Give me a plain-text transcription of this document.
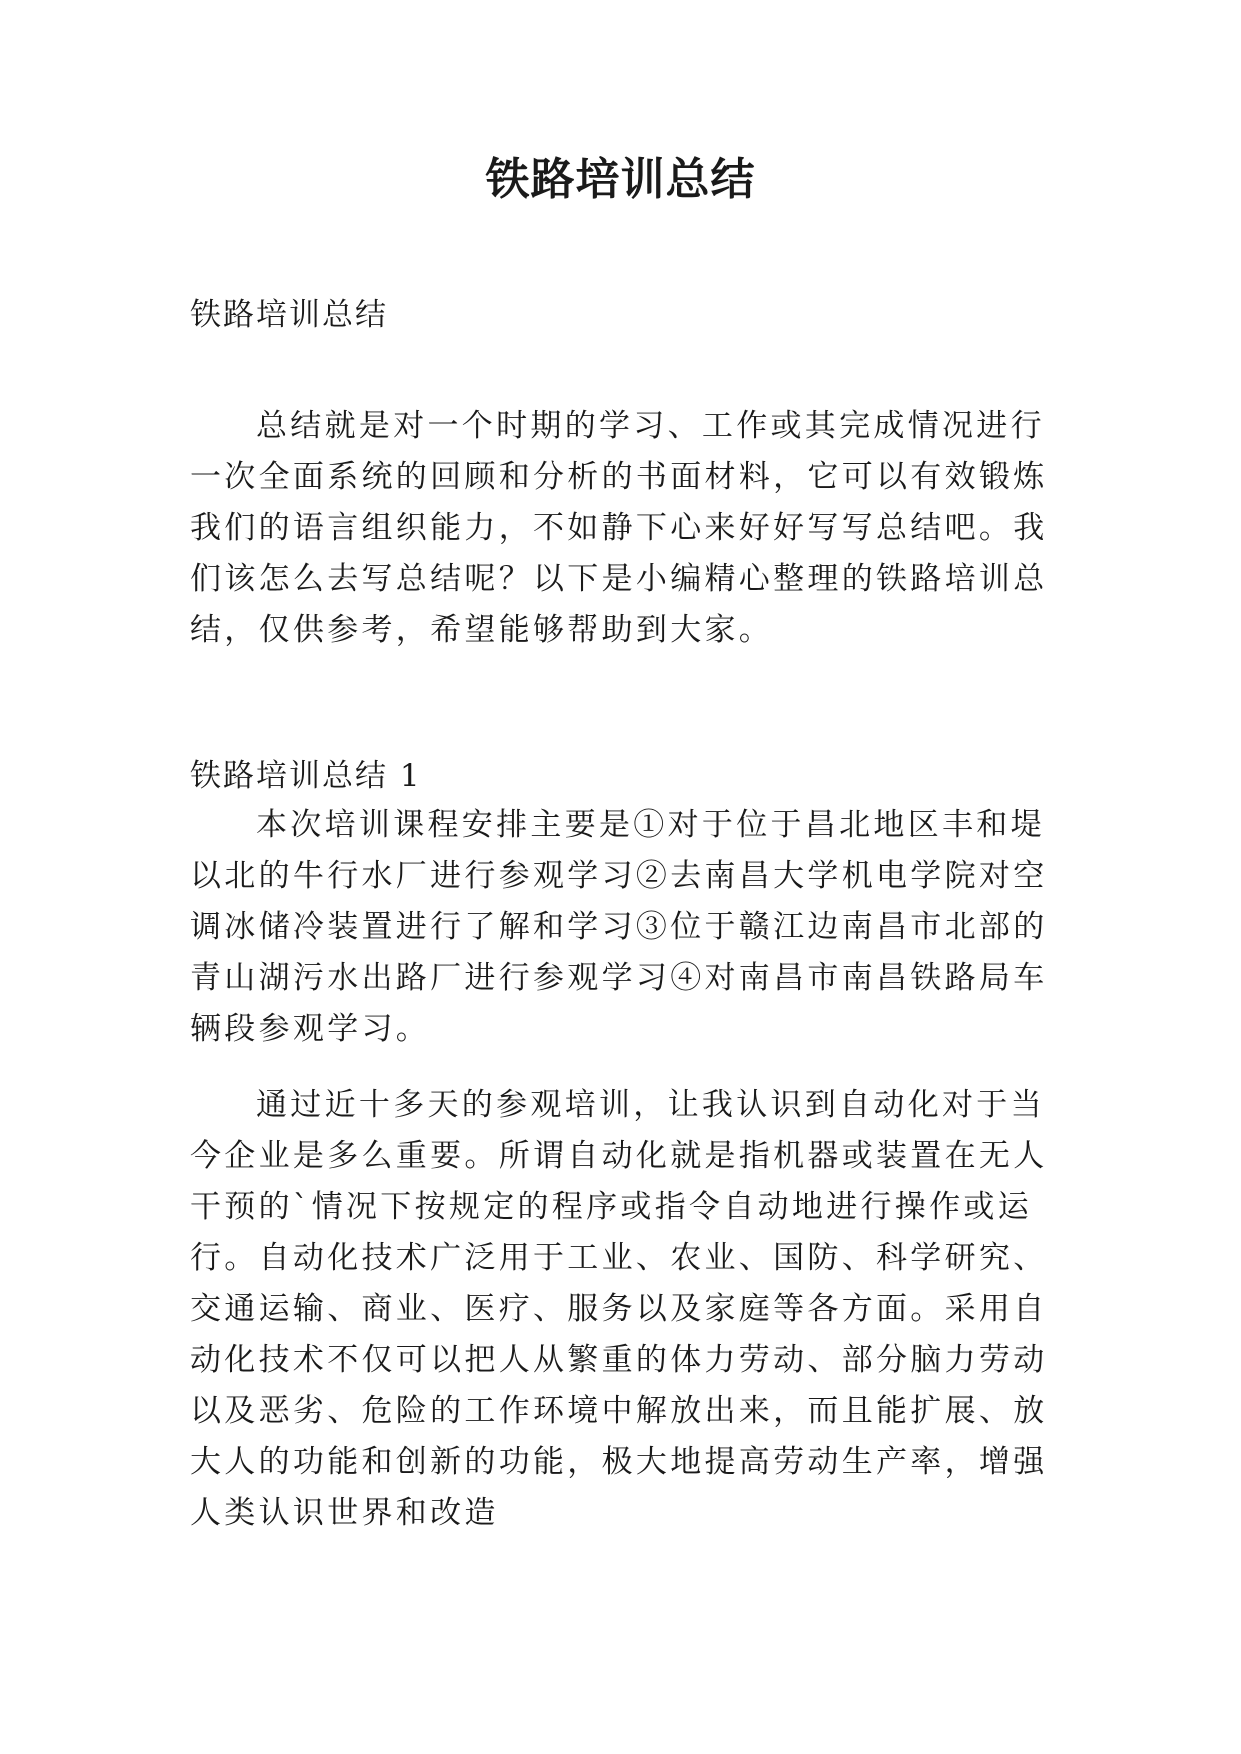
铁路培训总结

铁路培训总结

总结就是对一个时期的学习、工作或其完成情况进行一次全面系统的回顾和分析的书面材料，它可以有效锻炼我们的语言组织能力，不如静下心来好好写写总结吧。我们该怎么去写总结呢？以下是小编精心整理的铁路培训总结，仅供参考，希望能够帮助到大家。

铁路培训总结 1

本次培训课程安排主要是①对于位于昌北地区丰和堤以北的牛行水厂进行参观学习②去南昌大学机电学院对空调冰储冷装置进行了解和学习③位于赣江边南昌市北部的青山湖污水出路厂进行参观学习④对南昌市南昌铁路局车辆段参观学习。

通过近十多天的参观培训，让我认识到自动化对于当今企业是多么重要。所谓自动化就是指机器或装置在无人干预的`情况下按规定的程序或指令自动地进行操作或运行。自动化技术广泛用于工业、农业、国防、科学研究、交通运输、商业、医疗、服务以及家庭等各方面。采用自动化技术不仅可以把人从繁重的体力劳动、部分脑力劳动以及恶劣、危险的工作环境中解放出来，而且能扩展、放大人的功能和创新的功能，极大地提高劳动生产率，增强人类认识世界和改造
